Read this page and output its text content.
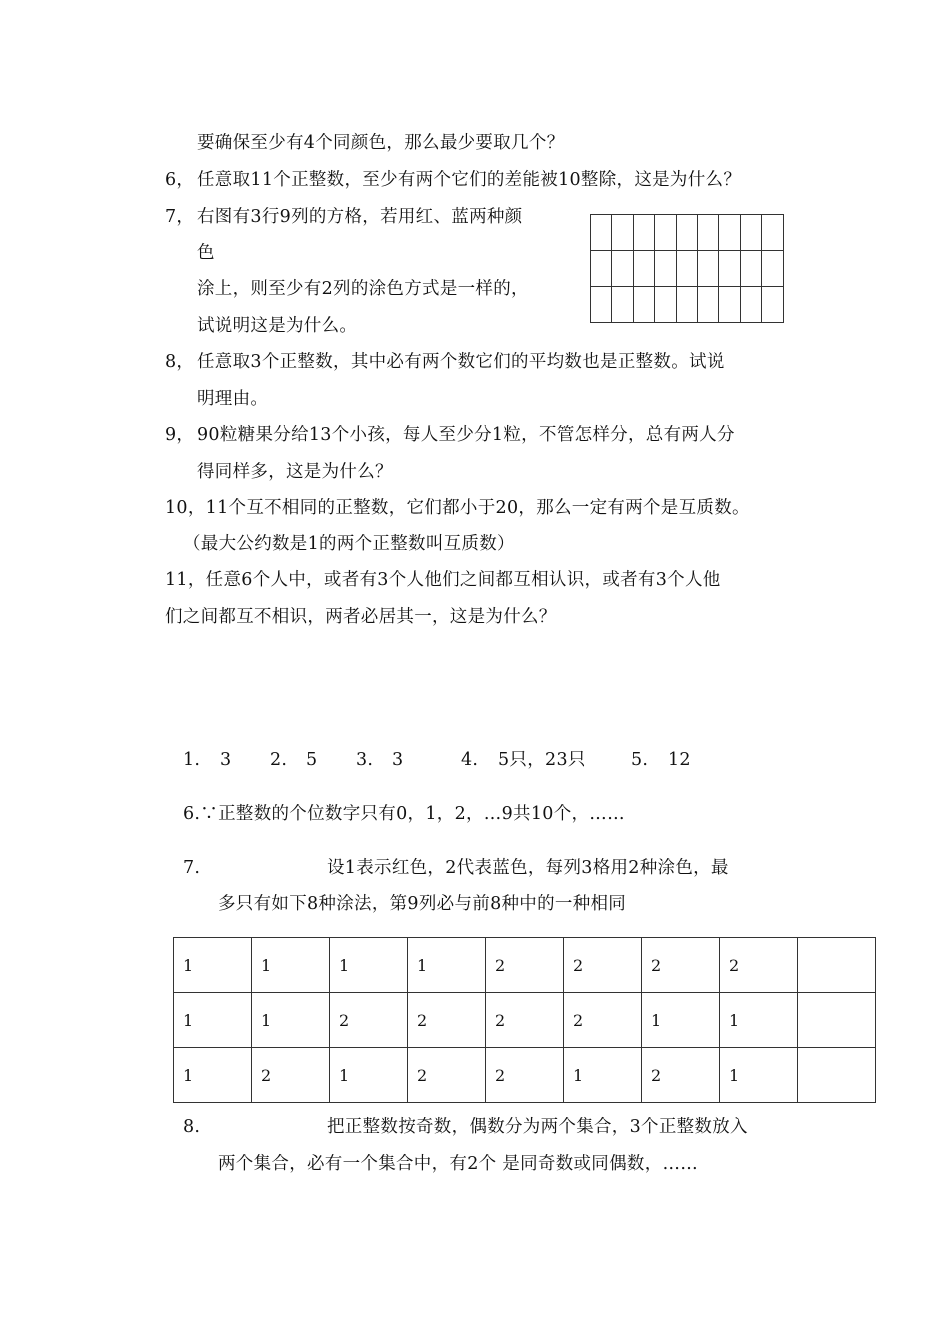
要确保至少有4个同颜色，那么最少要取几个？
6， 任意取11个正整数，至少有两个它们的差能被10整除，这是为什么？
7， 右图有3行9列的方格，若用红、蓝两种颜
色
涂上，则至少有2列的涂色方式是一样的，
试说明这是为什么。

8， 任意取3个正整数，其中必有两个数它们的平均数也是正整数。试说
明理由。
9， 90粒糖果分给13个小孩，每人至少分1粒，不管怎样分，总有两人分
得同样多，这是为什么？
10，11个互不相同的正整数，它们都小于20，那么一定有两个是互质数。
（最大公约数是1的两个正整数叫互质数）
11，任意6个人中，或者有3个人他们之间都互相认识，或者有3个人他
们之间都互不相识，两者必居其一，这是为什么？
1. 3 2. 5 3. 3	4. 5只，23只	5. 12
6.∵正整数的个位数字只有0，1，2，…9共10个，……
7.	设1表示红色，2代表蓝色，每列3格用2种涂色，最
多只有如下8种涂法，第9列必与前8种中的一种相同
1	1	1	1	2	2	2	2	
1	1	2	2	2	2	1	1	
1	2	1	2	2	1	2	1	
8.	把正整数按奇数，偶数分为两个集合，3个正整数放入
两个集合，必有一个集合中，有2个 是同奇数或同偶数，……
